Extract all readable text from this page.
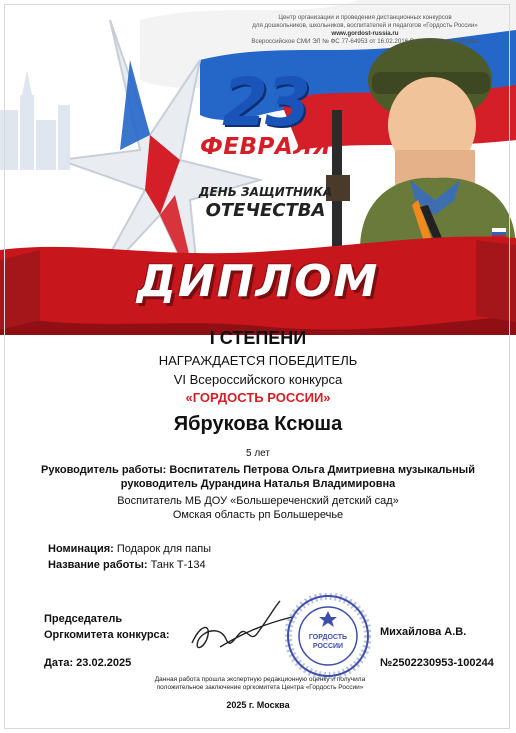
Центр организации и проведения дистанционных конкурсов
для дошкольников, школьников, воспитателей и педагогов «Гордость России»
www.gordost-russia.ru
Всероссийское СМИ ЭЛ № ФС 77-64953 от 16.02.2016 Роскомнадзор г. Москва
23
ФЕВРАЛЯ
ДЕНЬ ЗАЩИТНИКА
ОТЕЧЕСТВА
ДИПЛОМ
I СТЕПЕНИ
НАГРАЖДАЕТСЯ ПОБЕДИТЕЛЬ
VI Всероссийского конкурса
«ГОРДОСТЬ РОССИИ»
Ябрукова Ксюша
5 лет
Руководитель работы: Воспитатель Петрова Ольга Дмитриевна музыкальный
руководитель Дурандина Наталья Владимировна
Воспитатель МБ ДОУ «Большереченский детский сад»
Омская область рп Большеречье
Номинация: Подарок для папы
Название работы: Танк Т-134
Председатель
Оргкомитета конкурса:	ГОРДОСТЬ
РОССИИ
Михайлова А.В.
Дата: 23.02.2025	№2502230953-100244
Данная работа прошла экспертную редакционную оценку и получила
положительное заключение оргкомитета Центра «Гордость России»
2025 г. Москва
